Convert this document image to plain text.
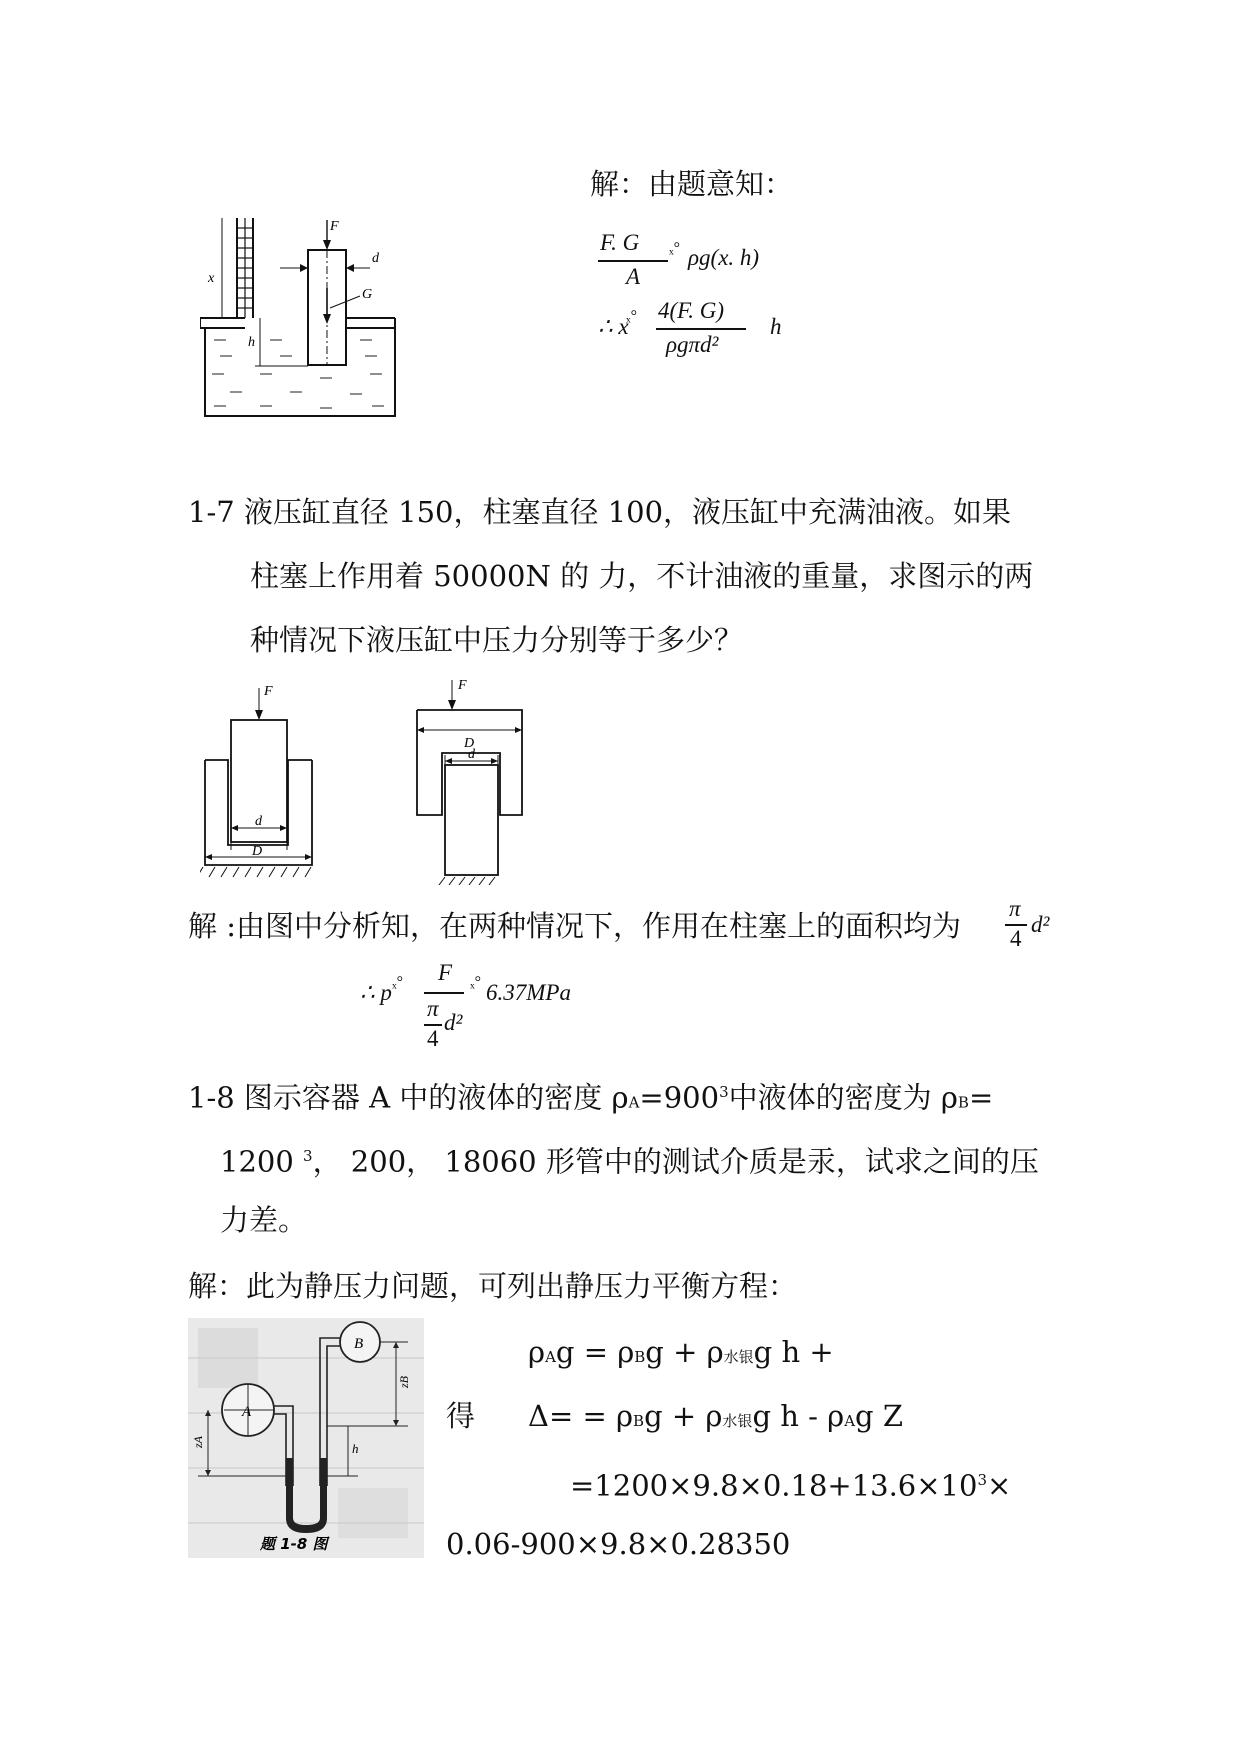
解：由题意知：
F. G
A
ₓ° ρg(x. h)
∴ x
ₓ° 4(F. G)
ρgπd²
h
F
d
G
x
h
1-7 液压缸直径 150，柱塞直径 100，液压缸中充满油液。如果
柱塞上作用着 50000N 的 力，不计油液的重量，求图示的两
种情况下液压缸中压力分别等于多少？
F
d
D
F
D
d
解 :由图中分析知，在两种情况下，作用在柱塞上的面积均为
π
4
d²
∴ p ₓ° F
π
4
d²
ₓ° 6.37MPa
1-8 图示容器 A 中的液体的密度 $\rho A=900^3$中液体的密度为 ρB=
1200 $^3$， 200， 18060 形管中的测试介质是汞，试求之间的压
力差。
解：此为静压力问题，可列出静压力平衡方程：
A
B
zA
zB
h
题 1-8 图
ρAg = ρBg + ρ水银g h +
得 Δ= = ρBg + ρ水银g h - ρAg Z
$=1200\times 9.8\times 0.18+13.6\times 10^3\times$
0.06-900×9.8×0.28350
